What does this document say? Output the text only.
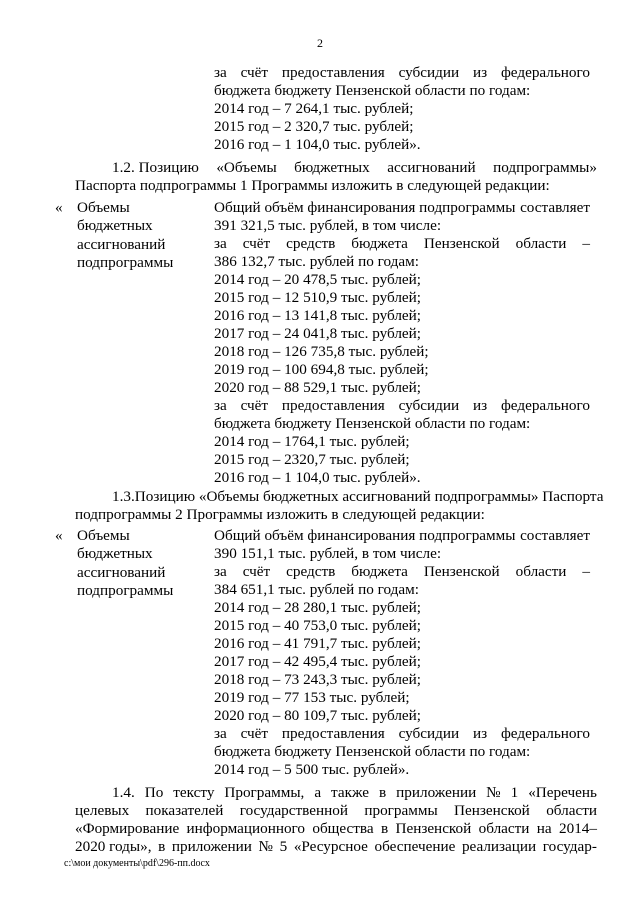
2
за счёт предоставления субсидии из федерального
бюджета бюджету Пензенской области по годам:
2014 год – 7 264,1 тыс. рублей;
2015 год – 2 320,7 тыс. рублей;
2016 год – 1 104,0 тыс. рублей».
1.2. Позицию «Объемы бюджетных ассигнований подпрограммы»
Паспорта подпрограммы 1 Программы изложить в следующей редакции:
« Объемы
бюджетных
ассигнований
подпрограммы
Общий объём финансирования подпрограммы составляет
391 321,5 тыс. рублей, в том числе:
за счёт средств бюджета Пензенской области –
386 132,7 тыс. рублей по годам:
2014 год – 20 478,5 тыс. рублей;
2015 год – 12 510,9 тыс. рублей;
2016 год – 13 141,8 тыс. рублей;
2017 год – 24 041,8 тыс. рублей;
2018 год – 126 735,8 тыс. рублей;
2019 год – 100 694,8 тыс. рублей;
2020 год – 88 529,1 тыс. рублей;
за счёт предоставления субсидии из федерального
бюджета бюджету Пензенской области по годам:
2014 год – 1764,1 тыс. рублей;
2015 год – 2320,7 тыс. рублей;
2016 год – 1 104,0 тыс. рублей».
1.3. Позицию «Объемы бюджетных ассигнований подпрограммы» Паспорта
подпрограммы 2 Программы изложить в следующей редакции:
« Объемы
бюджетных
ассигнований
подпрограммы
Общий объём финансирования подпрограммы составляет
390 151,1 тыс. рублей, в том числе:
за счёт средств бюджета Пензенской области –
384 651,1 тыс. рублей по годам:
2014 год – 28 280,1 тыс. рублей;
2015 год – 40 753,0 тыс. рублей;
2016 год – 41 791,7 тыс. рублей;
2017 год – 42 495,4 тыс. рублей;
2018 год – 73 243,3 тыс. рублей;
2019 год – 77 153 тыс. рублей;
2020 год – 80 109,7 тыс. рублей;
за счёт предоставления субсидии из федерального
бюджета бюджету Пензенской области по годам:
2014 год – 5 500 тыс. рублей».
1.4. По тексту Программы, а также в приложении № 1 «Перечень
целевых показателей государственной программы Пензенской области
«Формирование информационного общества в Пензенской области на 2014–
2020 годы», в приложении № 5 «Ресурсное обеспечение реализации государ-
c:\мои документы\pdf\296-пп.docx
